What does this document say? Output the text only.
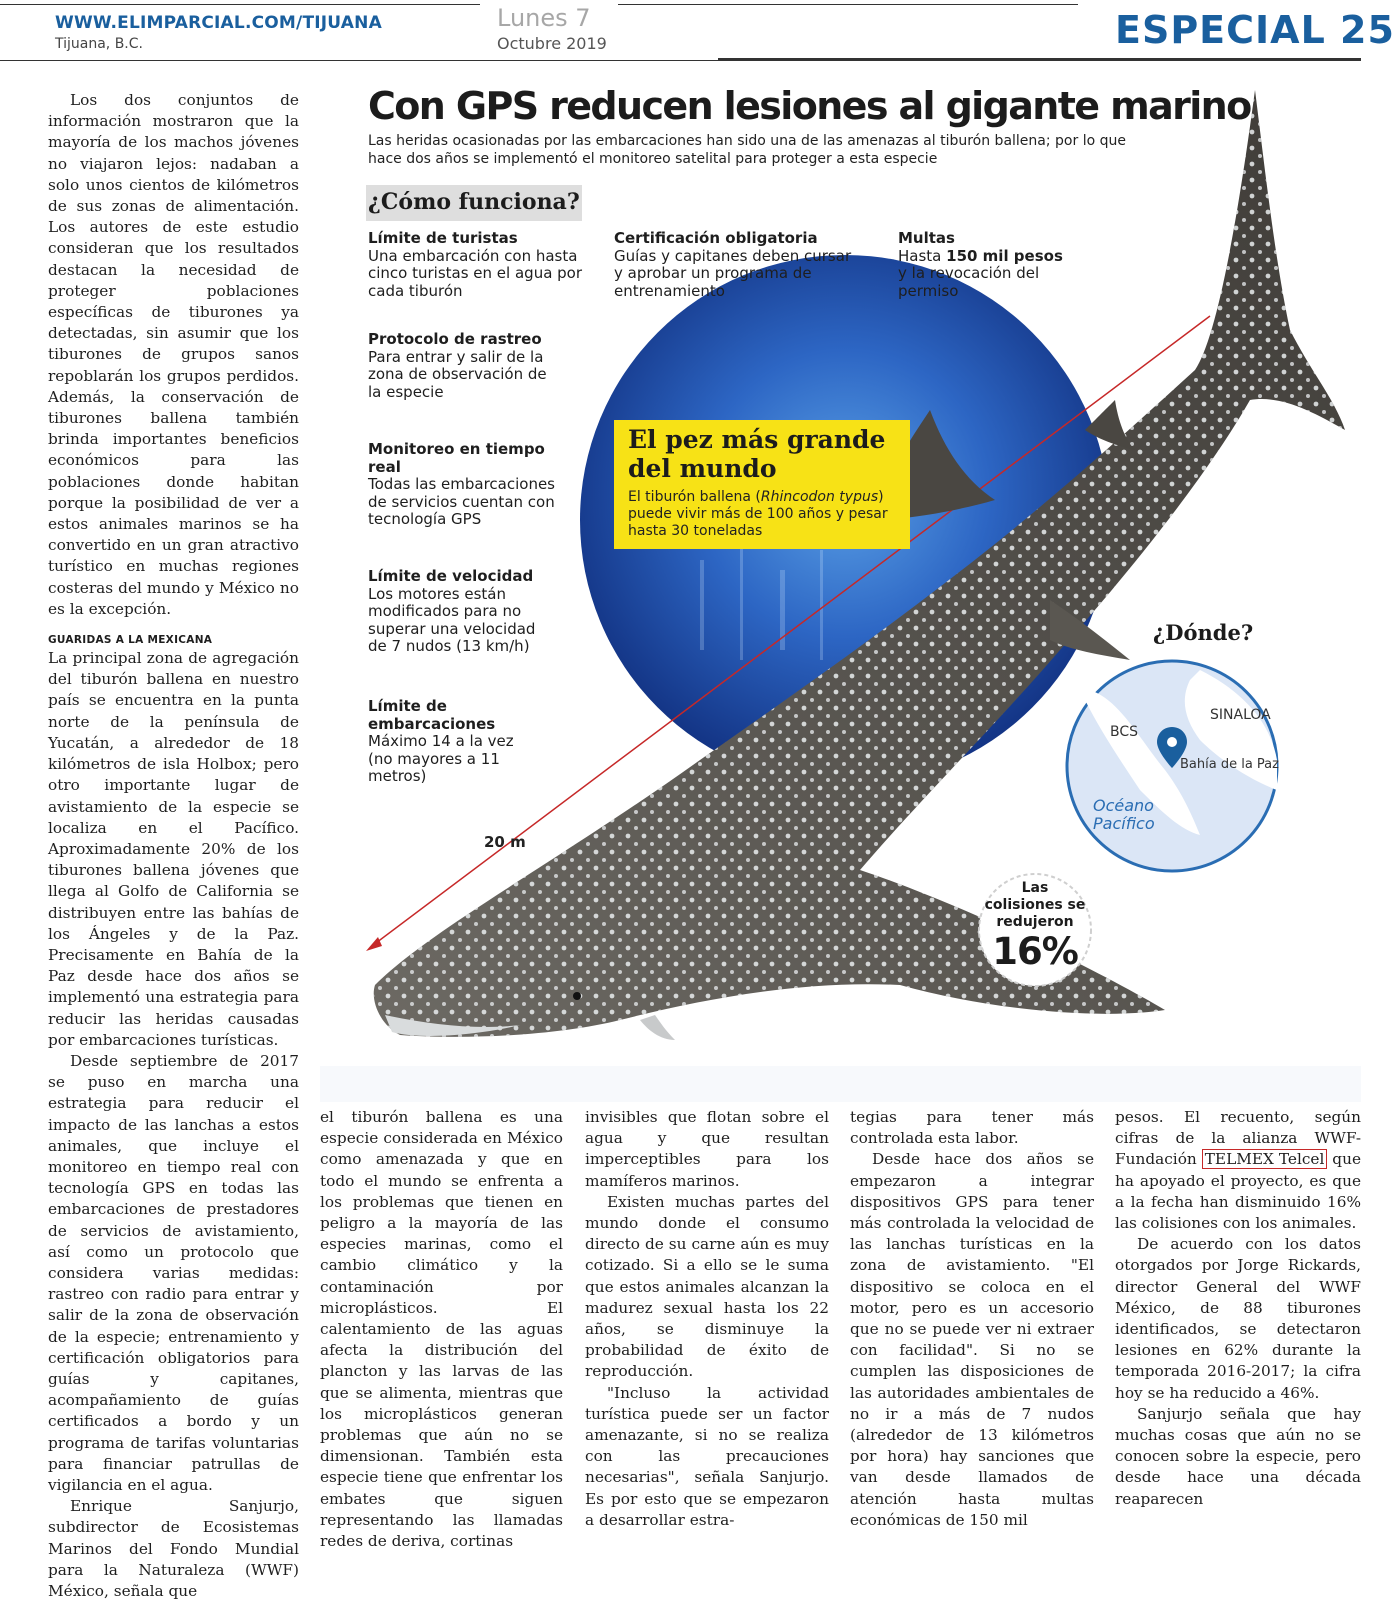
WWW.ELIMPARCIAL.COM/TIJUANA
Tijuana, B.C.
Lunes 7
Octubre 2019	ESPECIAL 25

Los dos conjuntos de información mostraron que la mayoría de los machos jóvenes no viajaron lejos: nadaban a solo unos cientos de kilómetros de sus zonas de alimentación. Los autores de este estudio consideran que los resultados destacan la necesidad de proteger poblaciones específicas de tiburones ya detectadas, sin asumir que los tiburones de grupos sanos repoblarán los grupos perdidos. Además, la conservación de tiburones ballena también brinda importantes beneficios económicos para las poblaciones donde habitan porque la posibilidad de ver a estos animales marinos se ha convertido en un gran atractivo turístico en muchas regiones costeras del mundo y México no es la excepción.

GUARIDAS A LA MEXICANA

La principal zona de agregación del tiburón ballena en nuestro país se encuentra en la punta norte de la península de Yucatán, a alrededor de 18 kilómetros de isla Holbox; pero otro importante lugar de avistamiento de la especie se localiza en el Pacífico. Aproximadamente 20% de los tiburones ballena jóvenes que llega al Golfo de California se distribuyen entre las bahías de los Ángeles y de la Paz. Precisamente en Bahía de la Paz desde hace dos años se implementó una estrategia para reducir las heridas causadas por embarcaciones turísticas.

Desde septiembre de 2017 se puso en marcha una estrategia para reducir el impacto de las lanchas a estos animales, que incluye el monitoreo en tiempo real con tecnología GPS en todas las embarcaciones de prestadores de servicios de avistamiento, así como un protocolo que considera varias medidas: rastreo con radio para entrar y salir de la zona de observación de la especie; entrenamiento y certificación obligatorios para guías y capitanes, acompañamiento de guías certificados a bordo y un programa de tarifas voluntarias para financiar patrullas de vigilancia en el agua.

Enrique Sanjurjo, subdirector de Ecosistemas Marinos del Fondo Mundial para la Naturaleza (WWF) México, señala que

Con GPS reducen lesiones al gigante marino
Las heridas ocasionadas por las embarcaciones han sido una de las amenazas al tiburón ballena; por lo que hace dos años se implementó el monitoreo satelital para proteger a esta especie
¿Cómo funciona?
Límite de turistas
Una embarcación con hasta cinco turistas en el agua por cada tiburón
Certificación obligatoria
Guías y capitanes deben cursar y aprobar un programa de entrenamiento
Multas
Hasta 150 mil pesos y la revocación del permiso
Protocolo de rastreo
Para entrar y salir de la zona de observación de la especie
Monitoreo en tiempo real
Todas las embarcaciones de servicios cuentan con tecnología GPS
Límite de velocidad
Los motores están modificados para no superar una velocidad de 7 nudos (13 km/h)
Límite de embarcaciones
Máximo 14 a la vez
(no mayores a 11 metros)
El pez más grande del mundo
El tiburón ballena (Rhincodon typus) puede vivir más de 100 años y pesar hasta 30 toneladas
20 m
¿Dónde?
SINALOA
BCS
Bahía de la Paz
Océano Pacífico
Las colisiones se redujeron
16%

el tiburón ballena es una especie considerada en México como amenazada y que en todo el mundo se enfrenta a los problemas que tienen en peligro a la mayoría de las especies marinas, como el cambio climático y la contaminación por microplásticos. El calentamiento de las aguas afecta la distribución del plancton y las larvas de las que se alimenta, mientras que los microplásticos generan problemas que aún no se dimensionan. También esta especie tiene que enfrentar los embates que siguen representando las llamadas redes de deriva, cortinas

invisibles que flotan sobre el agua y que resultan imperceptibles para los mamíferos marinos.

Existen muchas partes del mundo donde el consumo directo de su carne aún es muy cotizado. Si a ello se le suma que estos animales alcanzan la madurez sexual hasta los 22 años, se disminuye la probabilidad de éxito de reproducción.

"Incluso la actividad turística puede ser un factor amenazante, si no se realiza con las precauciones necesarias", señala Sanjurjo. Es por esto que se empezaron a desarrollar estra-

tegias para tener más controlada esta labor.

Desde hace dos años se empezaron a integrar dispositivos GPS para tener más controlada la velocidad de las lanchas turísticas en la zona de avistamiento. "El dispositivo se coloca en el motor, pero es un accesorio que no se puede ver ni extraer con facilidad". Si no se cumplen las disposiciones de las autoridades ambientales de no ir a más de 7 nudos (alrededor de 13 kilómetros por hora) hay sanciones que van desde llamados de atención hasta multas económicas de 150 mil

pesos. El recuento, según cifras de la alianza WWF-Fundación TELMEX Telcel que ha apoyado el proyecto, es que a la fecha han disminuido 16% las colisiones con los animales.

De acuerdo con los datos otorgados por Jorge Rickards, director General del WWF México, de 88 tiburones identificados, se detectaron lesiones en 62% durante la temporada 2016-2017; la cifra hoy se ha reducido a 46%.

Sanjurjo señala que hay muchas cosas que aún no se conocen sobre la especie, pero desde hace una década reaparecen
